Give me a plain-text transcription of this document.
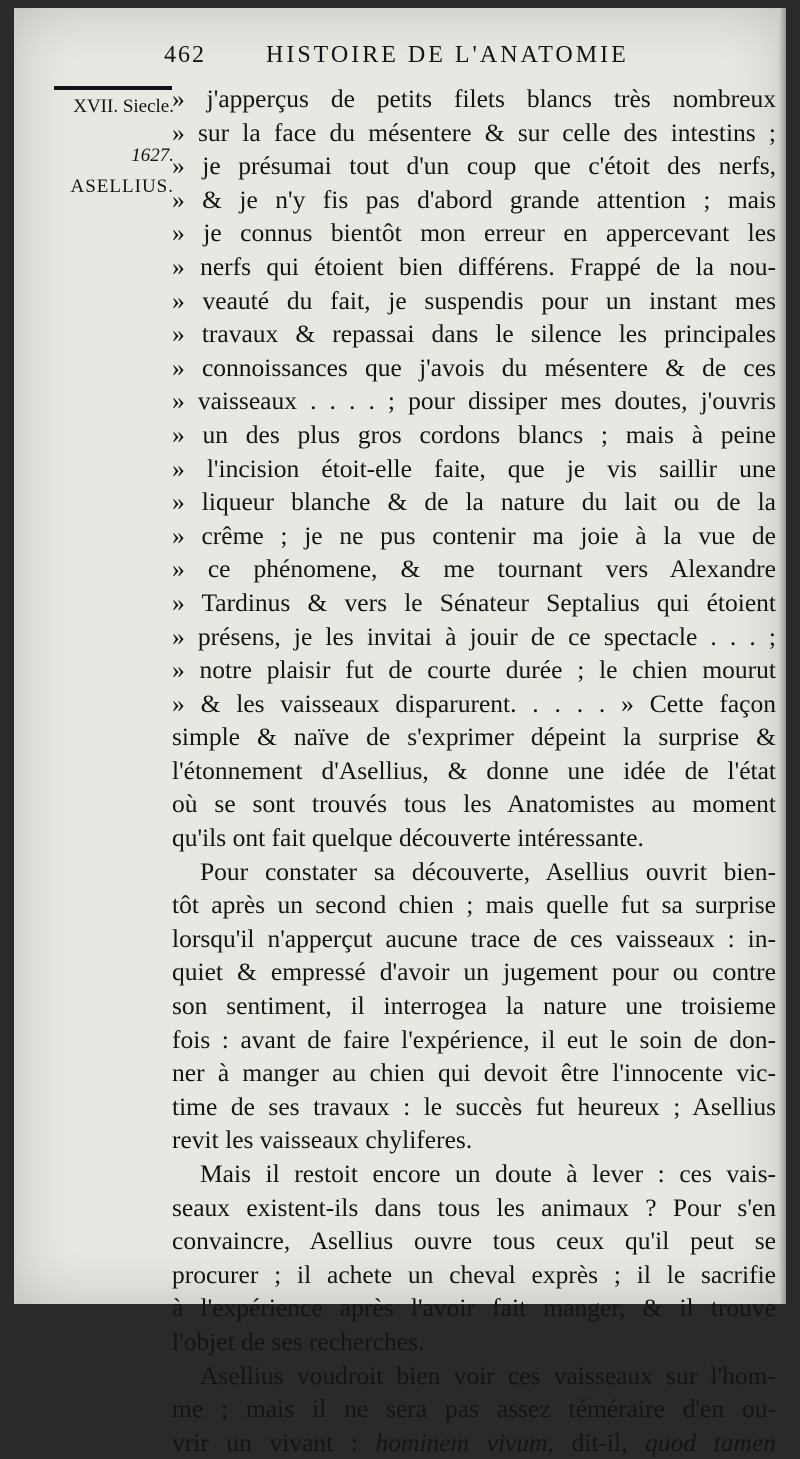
462	HISTOIRE DE L'ANATOMIE
XVII. Siecle.
1627.
ASELLIUS.
» j'apperçus de petits filets blancs très nombreux
» sur la face du mésentere & sur celle des intestins ;
» je présumai tout d'un coup que c'étoit des nerfs,
» & je n'y fis pas d'abord grande attention ; mais
» je connus bientôt mon erreur en appercevant les
» nerfs qui étoient bien différens. Frappé de la nou-
» veauté du fait, je suspendis pour un instant mes
» travaux & repassai dans le silence les principales
» connoissances que j'avois du mésentere & de ces
» vaisseaux . . . . ; pour dissiper mes doutes, j'ouvris
» un des plus gros cordons blancs ; mais à peine
» l'incision étoit-elle faite, que je vis saillir une
» liqueur blanche & de la nature du lait ou de la
» crême ; je ne pus contenir ma joie à la vue de
» ce phénomene, & me tournant vers Alexandre
» Tardinus & vers le Sénateur Septalius qui étoient
» présens, je les invitai à jouir de ce spectacle . . . ;
» notre plaisir fut de courte durée ; le chien mourut
» & les vaisseaux disparurent. . . . . » Cette façon
simple & naïve de s'exprimer dépeint la surprise &
l'étonnement d'Asellius, & donne une idée de l'état
où se sont trouvés tous les Anatomistes au moment
qu'ils ont fait quelque découverte intéressante.
Pour constater sa découverte, Asellius ouvrit bien-
tôt après un second chien ; mais quelle fut sa surprise
lorsqu'il n'apperçut aucune trace de ces vaisseaux : in-
quiet & empressé d'avoir un jugement pour ou contre
son sentiment, il interrogea la nature une troisieme
fois : avant de faire l'expérience, il eut le soin de don-
ner à manger au chien qui devoit être l'innocente vic-
time de ses travaux : le succès fut heureux ; Asellius
revit les vaisseaux chyliferes.
Mais il restoit encore un doute à lever : ces vais-
seaux existent-ils dans tous les animaux ? Pour s'en
convaincre, Asellius ouvre tous ceux qu'il peut se
procurer ; il achete un cheval exprès ; il le sacrifie
à l'expérience après l'avoir fait manger, & il trouve
l'objet de ses recherches.
Asellius voudroit bien voir ces vaisseaux sur l'hom-
me ; mais il ne sera pas assez téméraire d'en ou-
vrir un vivant : hominem vivum, dit-il, quod tamen
